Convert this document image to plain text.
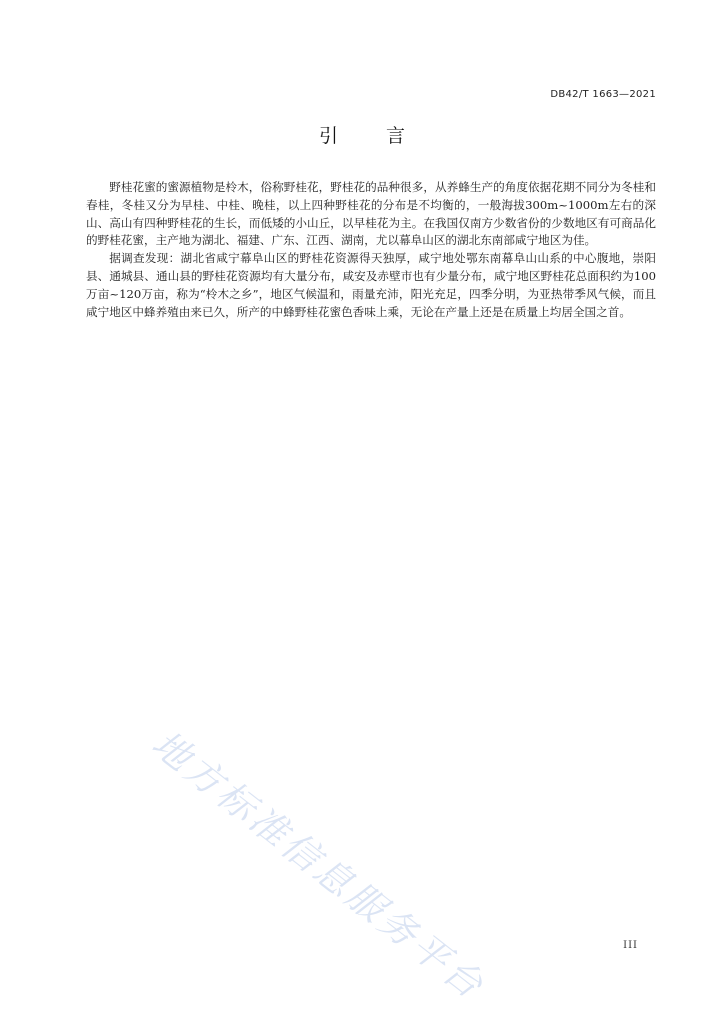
DB42/T 1663—2021
引	言

野桂花蜜的蜜源植物是柃木，俗称野桂花，野桂花的品种很多，从养蜂生产的角度依据花期不同分为冬桂和春桂，冬桂又分为早桂、中桂、晚桂，以上四种野桂花的分布是不均衡的，一般海拔300m~1000m左右的深山、高山有四种野桂花的生长，而低矮的小山丘，以早桂花为主。在我国仅南方少数省份的少数地区有可商品化的野桂花蜜，主产地为湖北、福建、广东、江西、湖南，尤以幕阜山区的湖北东南部咸宁地区为佳。

据调查发现：湖北省咸宁幕阜山区的野桂花资源得天独厚，咸宁地处鄂东南幕阜山山系的中心腹地，崇阳县、通城县、通山县的野桂花资源均有大量分布，咸安及赤壁市也有少量分布，咸宁地区野桂花总面积约为100万亩~120万亩，称为“柃木之乡”，地区气候温和，雨量充沛，阳光充足，四季分明，为亚热带季风气候，而且咸宁地区中蜂养殖由来已久，所产的中蜂野桂花蜜色香味上乘，无论在产量上还是在质量上均居全国之首。

地方标准信息服务平台	III
